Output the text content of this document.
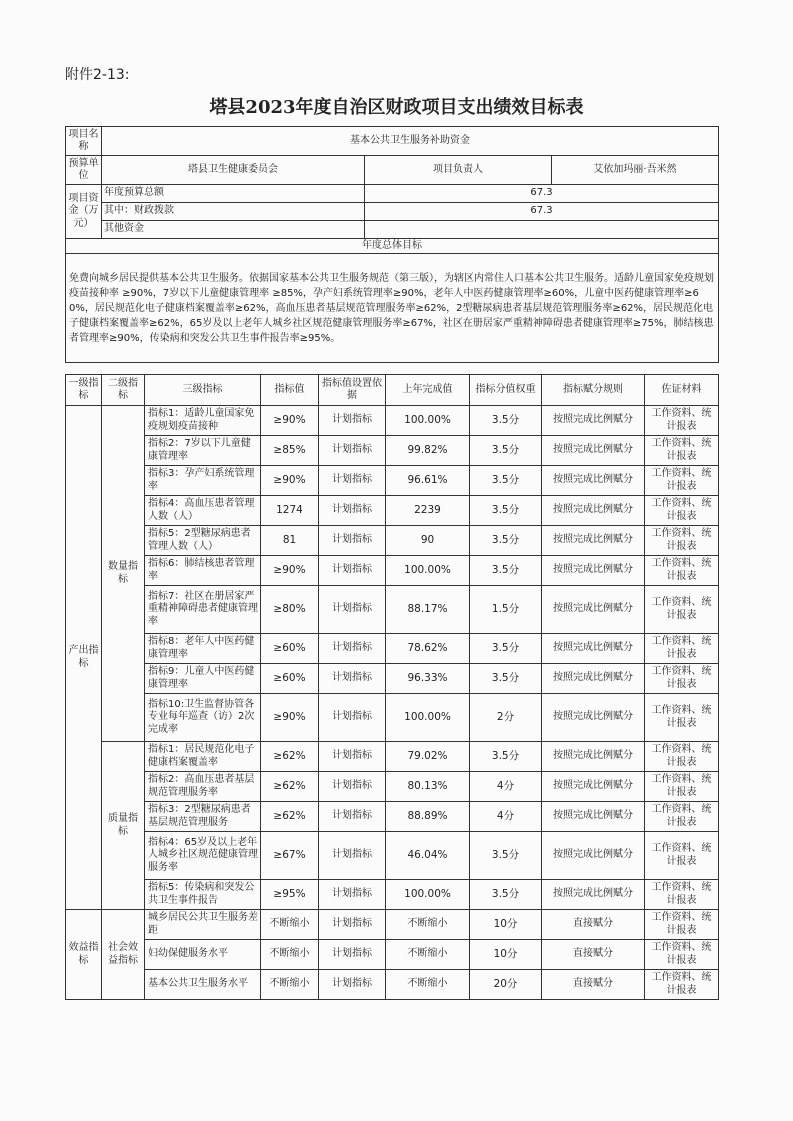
附件2-13:
塔县2023年度自治区财政项目支出绩效目标表
项目名称	基本公共卫生服务补助资金		
预算单位	塔县卫生健康委员会	项目负责人	艾依加玛丽·吾米然
项目资金（万元）	年度预算总额	67.3	
	其中：财政拨款	67.3	
	其他资金		
年度总体目标			
免费向城乡居民提供基本公共卫生服务。依据国家基本公共卫生服务规范（第三版），为辖区内常住人口基本公共卫生服务。适龄儿童国家免疫规划疫苗接种率 ≥90%，7岁以下儿童健康管理率 ≥85%，孕产妇系统管理率≥90%，老年人中医药健康管理率≥60%，儿童中医药健康管理率≥60%，居民规范化电子健康档案覆盖率≥62%，高血压患者基层规范管理服务率≥62%，2型糖尿病患者基层规范管理服务率≥62%，居民规范化电子健康档案覆盖率≥62%，65岁及以上老年人城乡社区规范健康管理服务率≥67%，社区在册居家严重精神障碍患者健康管理率≥75%，肺结核患者管理率≥90%，传染病和突发公共卫生事件报告率≥95%。			
一级指标	二级指标	三级指标	指标值	指标值设置依据	上年完成值	指标分值权重	指标赋分规则	佐证材料
产出指标	数量指标	指标1：适龄儿童国家免疫规划疫苗接种	≥90%	计划指标	100.00%	3.5分	按照完成比例赋分	工作资料、统计报表
		指标2：7岁以下儿童健康管理率	≥85%	计划指标	99.82%	3.5分	按照完成比例赋分	工作资料、统计报表
		指标3：孕产妇系统管理率	≥90%	计划指标	96.61%	3.5分	按照完成比例赋分	工作资料、统计报表
		指标4：高血压患者管理人数（人）	1274	计划指标	2239	3.5分	按照完成比例赋分	工作资料、统计报表
		指标5：2型糖尿病患者管理人数（人）	81	计划指标	90	3.5分	按照完成比例赋分	工作资料、统计报表
		指标6：肺结核患者管理率	≥90%	计划指标	100.00%	3.5分	按照完成比例赋分	工作资料、统计报表
		指标7：社区在册居家严重精神障碍患者健康管理率	≥80%	计划指标	88.17%	1.5分	按照完成比例赋分	工作资料、统计报表
		指标8：老年人中医药健康管理率	≥60%	计划指标	78.62%	3.5分	按照完成比例赋分	工作资料、统计报表
		指标9：儿童人中医药健康管理率	≥60%	计划指标	96.33%	3.5分	按照完成比例赋分	工作资料、统计报表
		指标10:卫生监督协管各专业每年巡查（访）2次完成率	≥90%	计划指标	100.00%	2分	按照完成比例赋分	工作资料、统计报表
	质量指标	指标1：居民规范化电子健康档案覆盖率	≥62%	计划指标	79.02%	3.5分	按照完成比例赋分	工作资料、统计报表
		指标2：高血压患者基层规范管理服务率	≥62%	计划指标	80.13%	4分	按照完成比例赋分	工作资料、统计报表
		指标3：2型糖尿病患者基层规范管理服务	≥62%	计划指标	88.89%	4分	按照完成比例赋分	工作资料、统计报表
		指标4：65岁及以上老年人城乡社区规范健康管理服务率	≥67%	计划指标	46.04%	3.5分	按照完成比例赋分	工作资料、统计报表
		指标5：传染病和突发公共卫生事件报告	≥95%	计划指标	100.00%	3.5分	按照完成比例赋分	工作资料、统计报表
效益指标	社会效益指标	城乡居民公共卫生服务差距	不断缩小	计划指标	不断缩小	10分	直接赋分	工作资料、统计报表
		妇幼保健服务水平	不断缩小	计划指标	不断缩小	10分	直接赋分	工作资料、统计报表
		基本公共卫生服务水平	不断缩小	计划指标	不断缩小	20分	直接赋分	工作资料、统计报表
